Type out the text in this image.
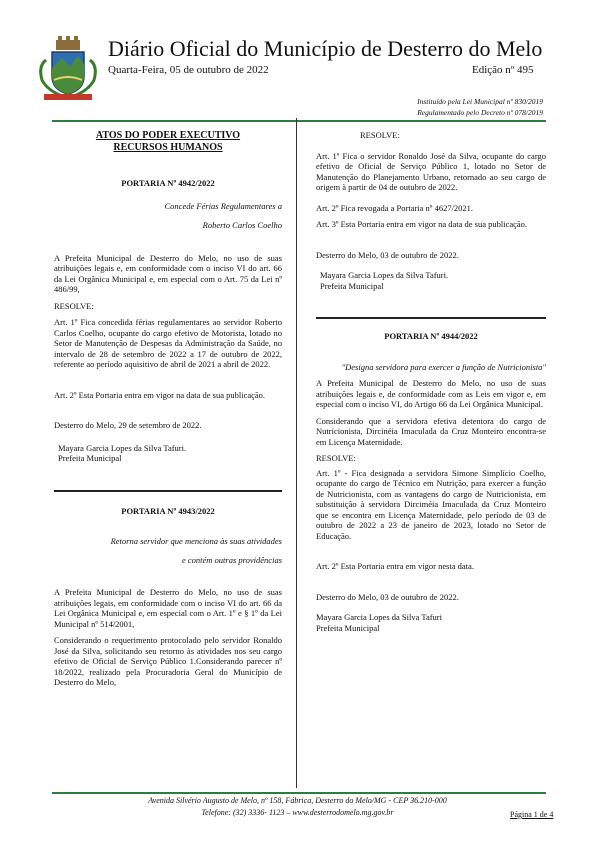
Diário Oficial do Município de Desterro do Melo
Quarta-Feira, 05 de outubro de 2022	Edição nº 495
Instituído pela Lei Municipal nº 830/2019
Regulamentado pelo Decreto nº 078/2019

ATOS DO PODER EXECUTIVO

RECURSOS HUMANOS

PORTARIA Nº 4942/2022

Concede Férias Regulamentares a

Roberto Carlos Coelho

A Prefeita Municipal de Desterro do Melo, no uso de suas atribuições legais e, em conformidade com o inciso VI do art. 66 da Lei Orgânica Municipal e, em especial com o Art. 75 da Lei nº 486/99,

RESOLVE:

Art. 1º Fica concedida férias regulamentares ao servidor Roberto Carlos Coelho, ocupante do cargo efetivo de Motorista, lotado no Setor de Manutenção de Despesas da Administração da Saúde, no intervalo de 28 de setembro de 2022 a 17 de outubro de 2022, referente ao período aquisitivo de abril de 2021 a abril de 2022.

Art. 2º Esta Portaria entra em vigor na data de sua publicação.

Desterro do Melo, 29 de setembro de 2022.

Mayara Garcia Lopes da Silva Tafuri.

Prefeita Municipal

PORTARIA Nº 4943/2022

Retorna servidor que menciona às suas atividades

e contém outras providências

A Prefeita Municipal de Desterro do Melo, no uso de suas atribuições legais, em conformidade com o inciso VI do art. 66 da Lei Orgânica Municipal e, em especial com o Art. 1º e § 1º da Lei Municipal nº 514/2001,

Considerando o requerimento protocolado pelo servidor Ronaldo José da Silva, solicitando seu retorno às atividades nos seu cargo efetivo de Oficial de Serviço Público 1.Considerando parecer nº 18/2022, realizado pela Procuradoria Geral do Município de Desterro do Melo,

RESOLVE:

Art. 1º Fica o servidor Ronaldo José da Silva, ocupante do cargo efetivo de Oficial de Serviço Público 1, lotado no Setor de Manutenção do Planejamento Urbano, retornado ao seu cargo de origem à partir de 04 de outubro de 2022.

Art. 2º Fica revogada a Portaria nº 4627/2021.

Art. 3º Esta Portaria entra em vigor na data de sua publicação.

Desterro do Melo, 03 de outubro de 2022.

Mayara Garcia Lopes da Silva Tafuri.

Prefeita Municipal

PORTARIA Nº 4944/2022

"Designa servidora para exercer a função de Nutricionista"

A Prefeita Municipal de Desterro do Melo, no uso de suas atribuições legais e, de conformidade com as Leis em vigor e, em especial com o inciso VI, do Artigo 66 da Lei Orgânica Municipal.

Considerando que a servidora efetiva detentora do cargo de Nutricionista, Dircinéia Imaculada da Cruz Monteiro encontra-se em Licença Maternidade.

RESOLVE:

Art. 1º - Fica designada a servidora Simone Simplício Coelho, ocupante do cargo de Técnico em Nutrição, para exercer a função de Nutricionista, com as vantagens do cargo de Nutricionista, em substituição à servidora Dirciméia Imaculada da Cruz Monteiro que se encontra em Licença Maternidade, pelo período de 03 de outubro de 2022 a 23 de janeiro de 2023, lotado no Setor de Educação.

Art. 2º Esta Portaria entra em vigor nesta data.

Desterro do Melo, 03 de outubro de 2022.

Mayara Garcia Lopes da Silva Tafuri

Prefeita Municipal

Avenida Silvério Augusto de Melo, nº 158, Fábrica, Desterro do Melo/MG - CEP 36.210-000
Telefone: (32) 3336- 1123 – www.desterrodomelo.mg.gov.br	Página 1 de 4
